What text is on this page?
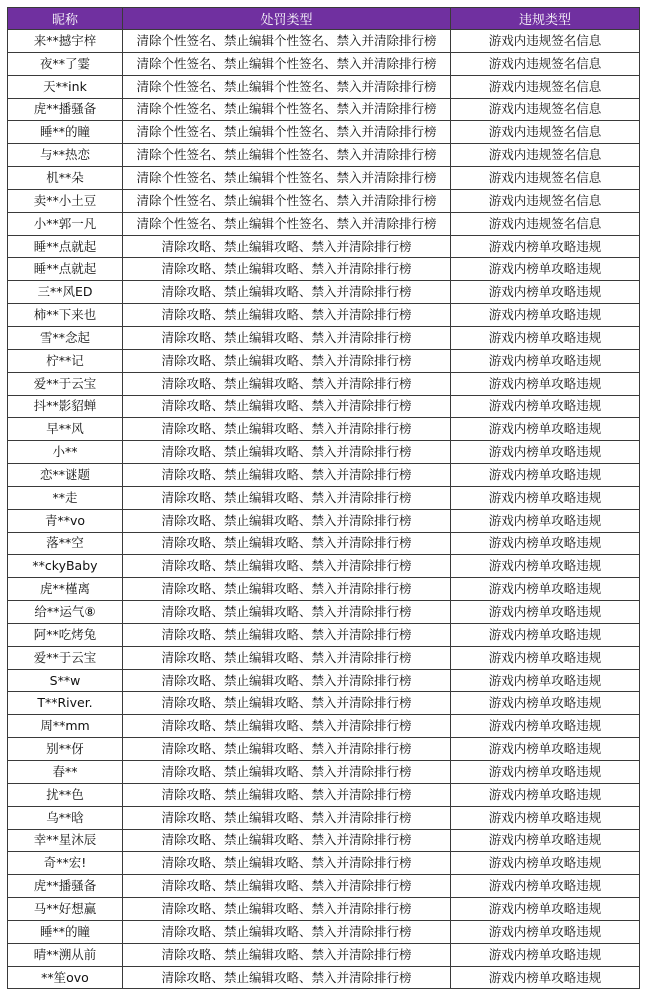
昵称	处罚类型	违规类型
来**撼宇梓	清除个性签名、禁止编辑个性签名、禁入并清除排行榜	游戏内违规签名信息
夜**了霎	清除个性签名、禁止编辑个性签名、禁入并清除排行榜	游戏内违规签名信息
天**ink	清除个性签名、禁止编辑个性签名、禁入并清除排行榜	游戏内违规签名信息
虎**播骚备	清除个性签名、禁止编辑个性签名、禁入并清除排行榜	游戏内违规签名信息
睡**的瞳	清除个性签名、禁止编辑个性签名、禁入并清除排行榜	游戏内违规签名信息
与**热恋	清除个性签名、禁止编辑个性签名、禁入并清除排行榜	游戏内违规签名信息
机**朵	清除个性签名、禁止编辑个性签名、禁入并清除排行榜	游戏内违规签名信息
卖**小土豆	清除个性签名、禁止编辑个性签名、禁入并清除排行榜	游戏内违规签名信息
小**郭一凡	清除个性签名、禁止编辑个性签名、禁入并清除排行榜	游戏内违规签名信息
睡**点就起	清除攻略、禁止编辑攻略、禁入并清除排行榜	游戏内榜单攻略违规
睡**点就起	清除攻略、禁止编辑攻略、禁入并清除排行榜	游戏内榜单攻略违规
三**风ED	清除攻略、禁止编辑攻略、禁入并清除排行榜	游戏内榜单攻略违规
柿**下来也	清除攻略、禁止编辑攻略、禁入并清除排行榜	游戏内榜单攻略违规
雪**念起	清除攻略、禁止编辑攻略、禁入并清除排行榜	游戏内榜单攻略违规
柠**记	清除攻略、禁止编辑攻略、禁入并清除排行榜	游戏内榜单攻略违规
爱**于云宝	清除攻略、禁止编辑攻略、禁入并清除排行榜	游戏内榜单攻略违规
抖**影貂蝉	清除攻略、禁止编辑攻略、禁入并清除排行榜	游戏内榜单攻略违规
早**风	清除攻略、禁止编辑攻略、禁入并清除排行榜	游戏内榜单攻略违规
小**	清除攻略、禁止编辑攻略、禁入并清除排行榜	游戏内榜单攻略违规
恋**谜题	清除攻略、禁止编辑攻略、禁入并清除排行榜	游戏内榜单攻略违规
**走	清除攻略、禁止编辑攻略、禁入并清除排行榜	游戏内榜单攻略违规
青**vo	清除攻略、禁止编辑攻略、禁入并清除排行榜	游戏内榜单攻略违规
落**空	清除攻略、禁止编辑攻略、禁入并清除排行榜	游戏内榜单攻略违规
**ckyBaby	清除攻略、禁止编辑攻略、禁入并清除排行榜	游戏内榜单攻略违规
虎**槿离	清除攻略、禁止编辑攻略、禁入并清除排行榜	游戏内榜单攻略违规
给**运气⑧	清除攻略、禁止编辑攻略、禁入并清除排行榜	游戏内榜单攻略违规
阿**吃烤兔	清除攻略、禁止编辑攻略、禁入并清除排行榜	游戏内榜单攻略违规
爱**于云宝	清除攻略、禁止编辑攻略、禁入并清除排行榜	游戏内榜单攻略违规
S**w	清除攻略、禁止编辑攻略、禁入并清除排行榜	游戏内榜单攻略违规
T**River.	清除攻略、禁止编辑攻略、禁入并清除排行榜	游戏内榜单攻略违规
周**mm	清除攻略、禁止编辑攻略、禁入并清除排行榜	游戏内榜单攻略违规
别**伢	清除攻略、禁止编辑攻略、禁入并清除排行榜	游戏内榜单攻略违规
春**	清除攻略、禁止编辑攻略、禁入并清除排行榜	游戏内榜单攻略违规
扰**色	清除攻略、禁止编辑攻略、禁入并清除排行榜	游戏内榜单攻略违规
乌**晗	清除攻略、禁止编辑攻略、禁入并清除排行榜	游戏内榜单攻略违规
幸**星沐辰	清除攻略、禁止编辑攻略、禁入并清除排行榜	游戏内榜单攻略违规
奇**宏!	清除攻略、禁止编辑攻略、禁入并清除排行榜	游戏内榜单攻略违规
虎**播骚备	清除攻略、禁止编辑攻略、禁入并清除排行榜	游戏内榜单攻略违规
马**好想赢	清除攻略、禁止编辑攻略、禁入并清除排行榜	游戏内榜单攻略违规
睡**的瞳	清除攻略、禁止编辑攻略、禁入并清除排行榜	游戏内榜单攻略违规
晴**溯从前	清除攻略、禁止编辑攻略、禁入并清除排行榜	游戏内榜单攻略违规
**笙ovo	清除攻略、禁止编辑攻略、禁入并清除排行榜	游戏内榜单攻略违规
